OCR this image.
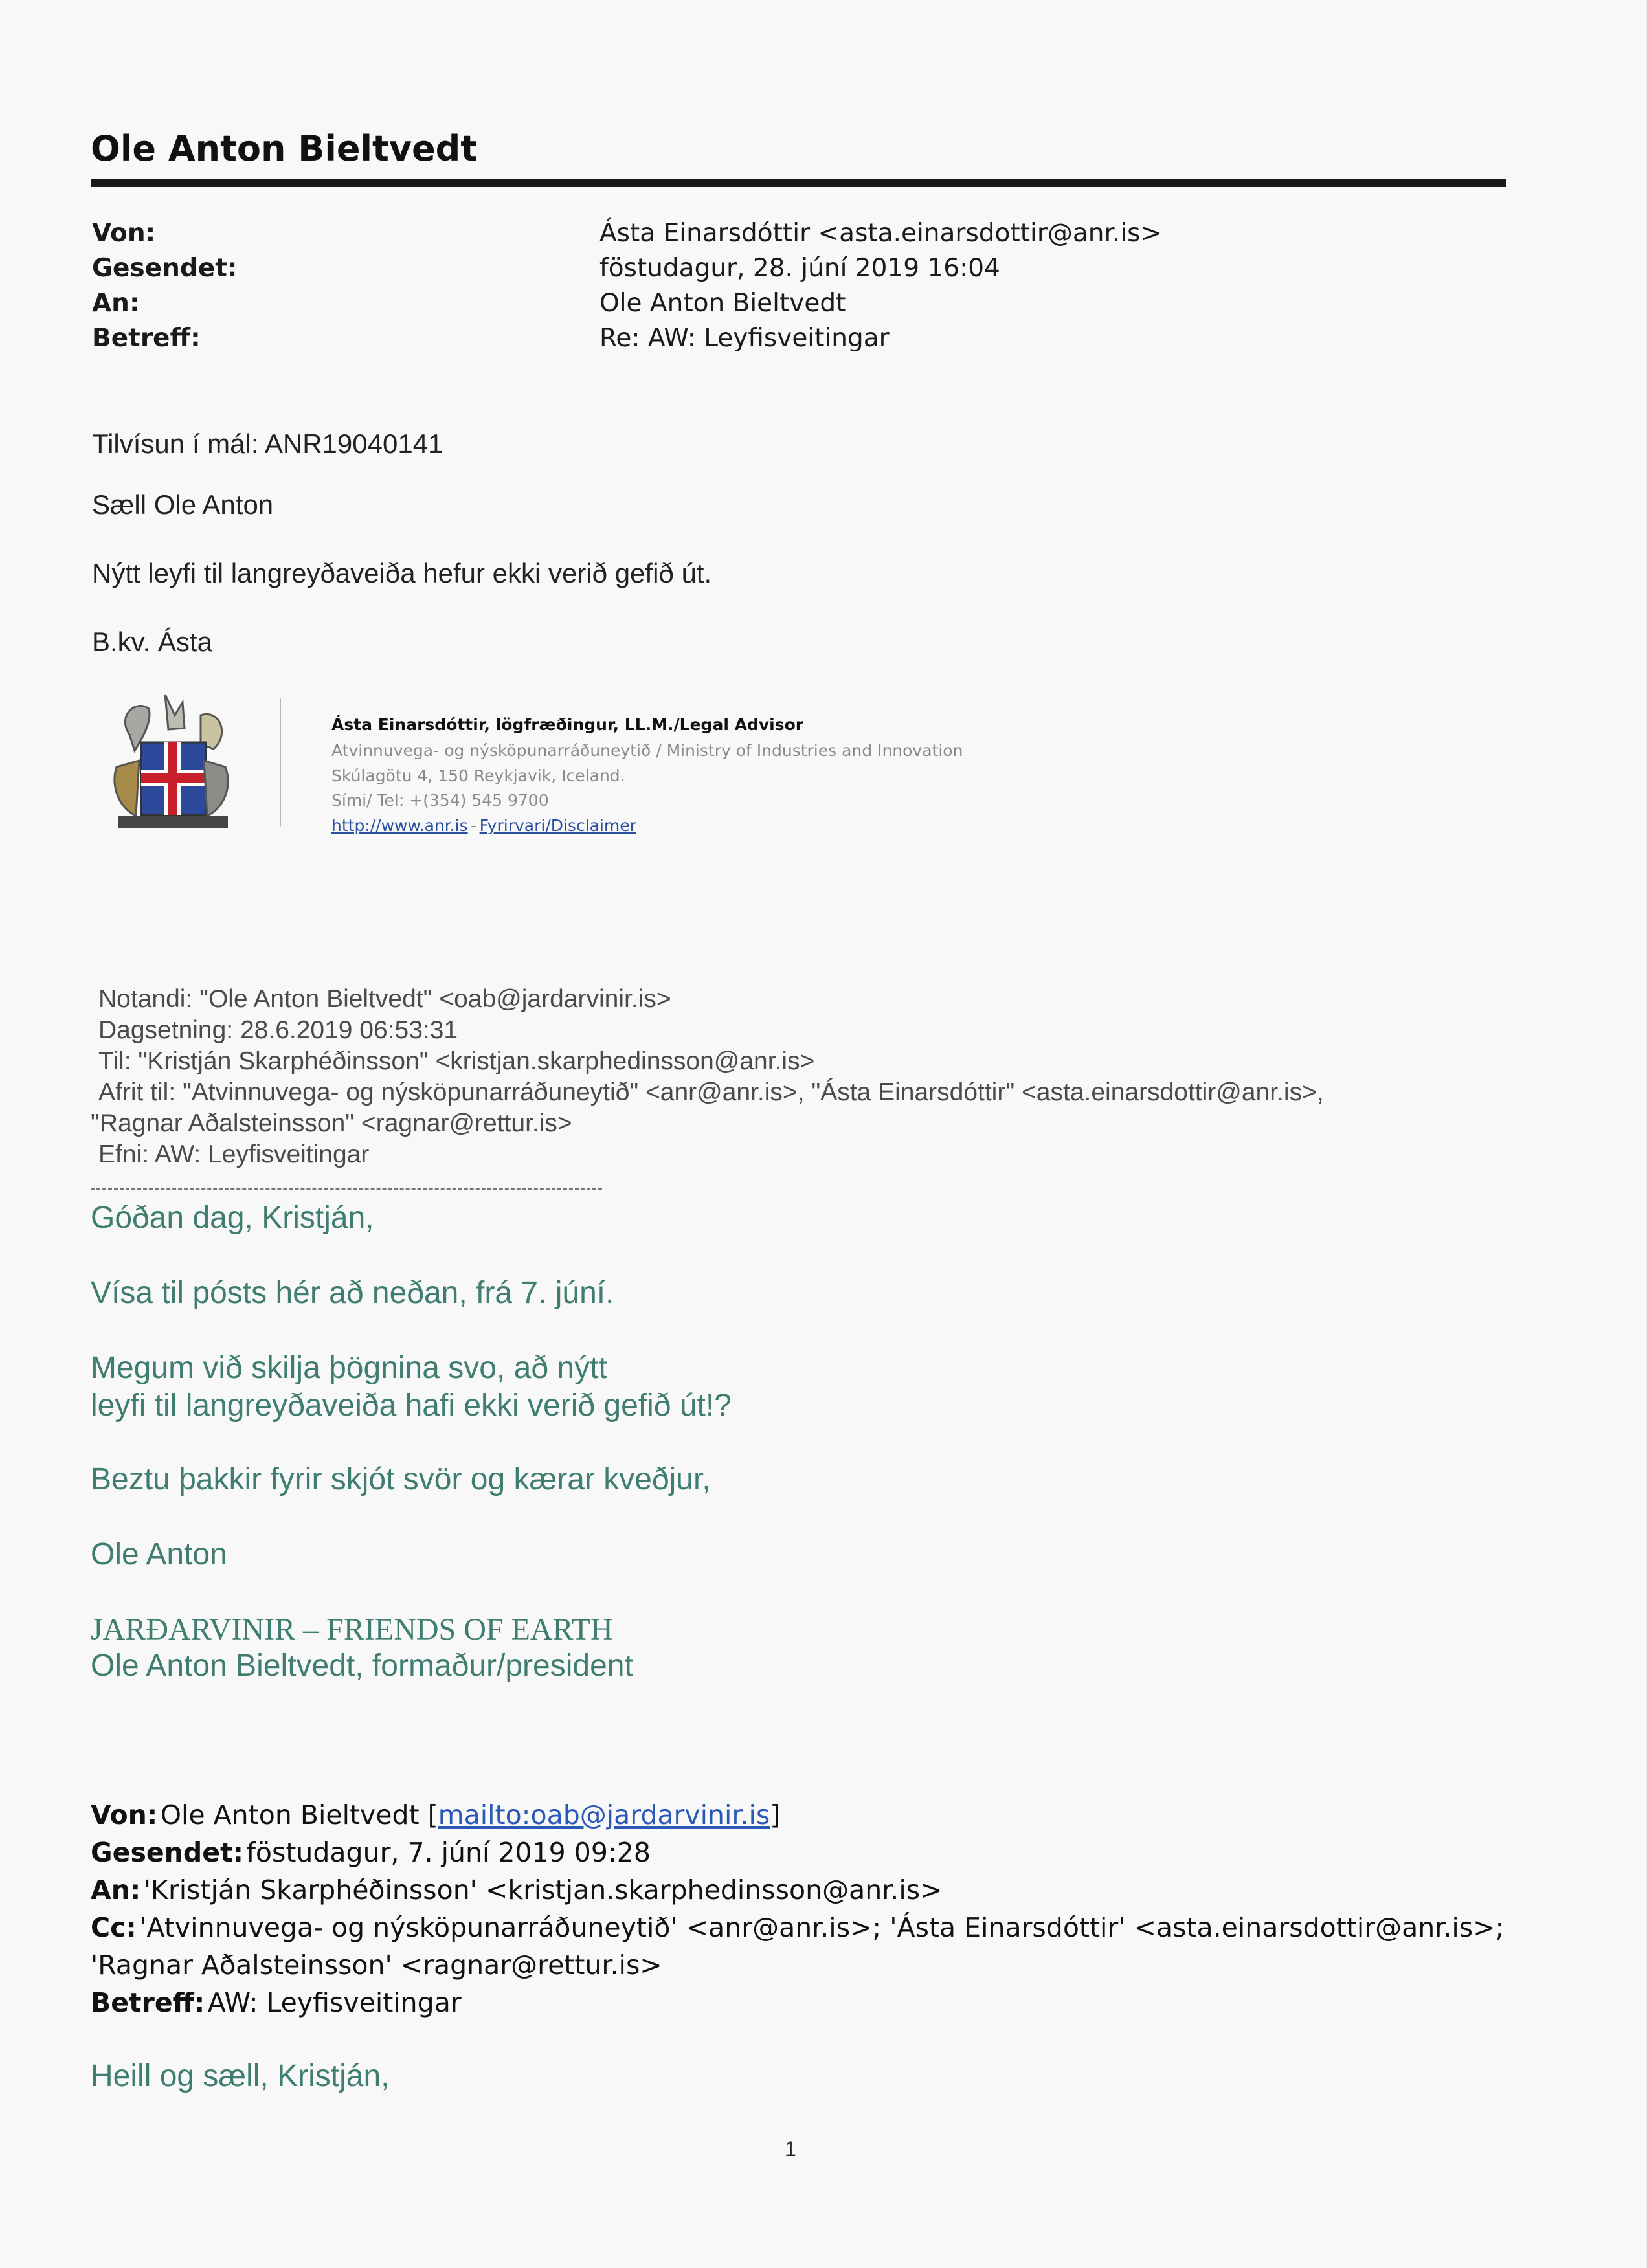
Ole Anton Bieltvedt
Von:	Ásta Einarsdóttir <asta.einarsdottir@anr.is>
Gesendet:	föstudagur, 28. júní 2019 16:04
An:	Ole Anton Bieltvedt
Betreff:	Re: AW: Leyfisveitingar
Tilvísun í mál: ANR19040141
Sæll Ole Anton
Nýtt leyfi til langreyðaveiða hefur ekki verið gefið út.
B.kv. Ásta
Ásta Einarsdóttir, lögfræðingur, LL.M./Legal Advisor
Atvinnuvega- og nýsköpunarráðuneytið / Ministry of Industries and Innovation
Skúlagötu 4, 150 Reykjavik, Iceland.
Sími/ Tel: +(354) 545 9700
http://www.anr.is - Fyrirvari/Disclaimer
Notandi: "Ole Anton Bieltvedt" <oab@jardarvinir.is>
Dagsetning: 28.6.2019 06:53:31
Til: "Kristján Skarphéðinsson" <kristjan.skarphedinsson@anr.is>
Afrit til: "Atvinnuvega- og nýsköpunarráðuneytið" <anr@anr.is>, "Ásta Einarsdóttir" <asta.einarsdottir@anr.is>,
"Ragnar Aðalsteinsson" <ragnar@rettur.is>
Efni: AW: Leyfisveitingar
Góðan dag, Kristján,
Vísa til pósts hér að neðan, frá 7. júní.
Megum við skilja þögnina svo, að nýtt
leyfi til langreyðaveiða hafi ekki verið gefið út!?
Beztu þakkir fyrir skjót svör og kærar kveðjur,
Ole Anton
JARÐARVINIR – FRIENDS OF EARTH
Ole Anton Bieltvedt, formaður/president
Von: Ole Anton Bieltvedt [mailto:oab@jardarvinir.is]
Gesendet: föstudagur, 7. júní 2019 09:28
An: 'Kristján Skarphéðinsson' <kristjan.skarphedinsson@anr.is>
Cc: 'Atvinnuvega- og nýsköpunarráðuneytið' <anr@anr.is>; 'Ásta Einarsdóttir' <asta.einarsdottir@anr.is>;
'Ragnar Aðalsteinsson' <ragnar@rettur.is>
Betreff: AW: Leyfisveitingar
Heill og sæll, Kristján,
1
